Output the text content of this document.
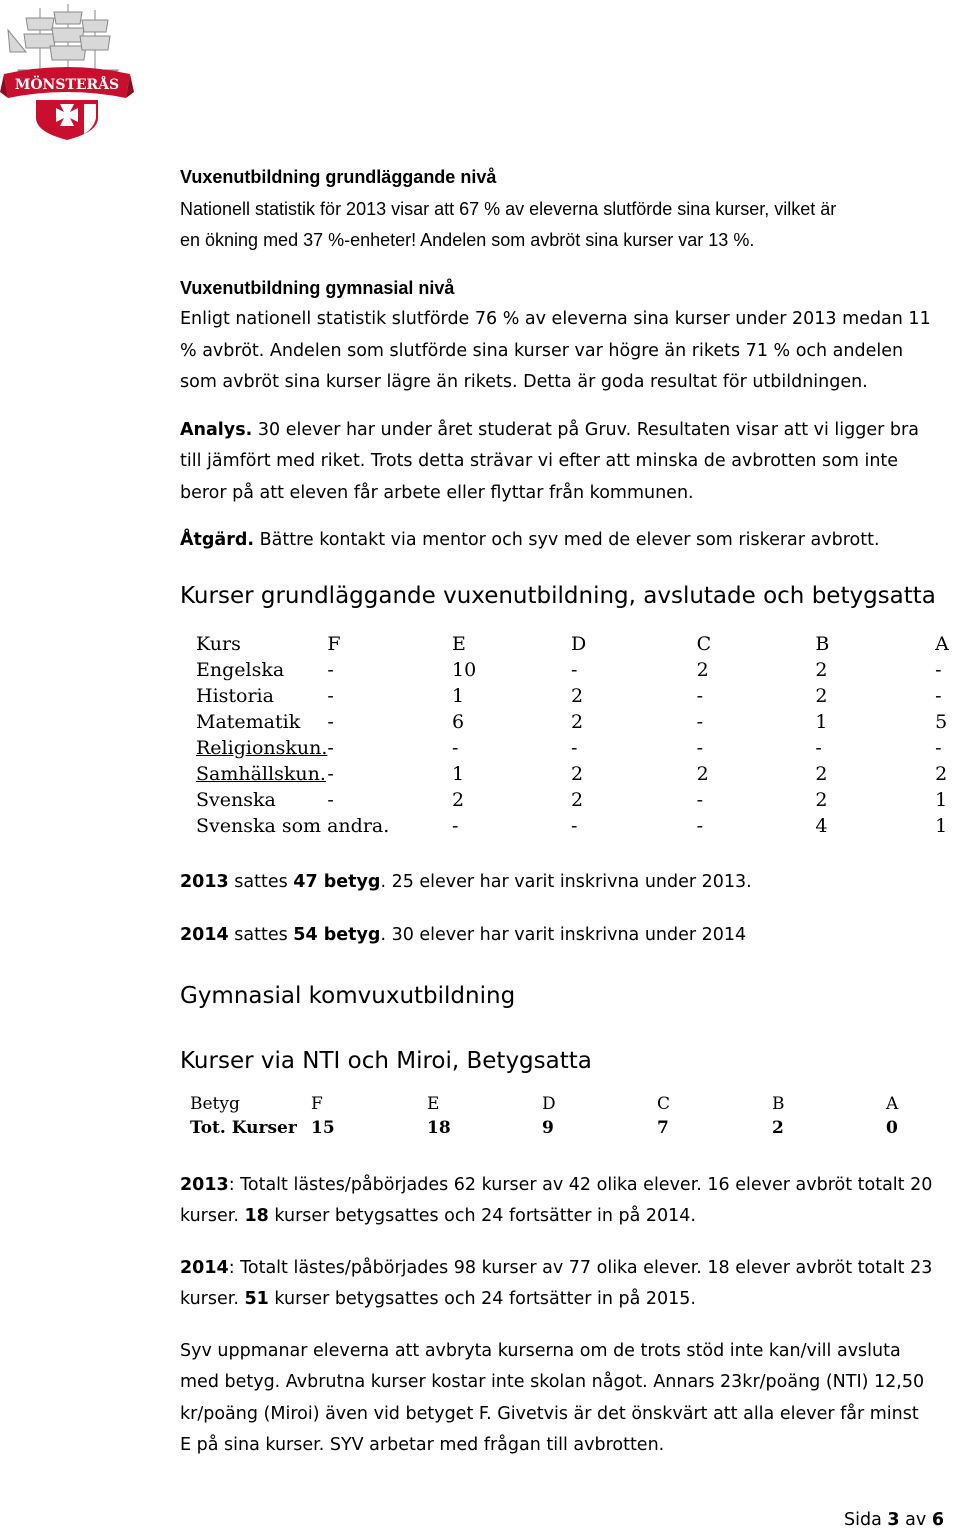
MÖNSTERÅS

Vuxenutbildning grundläggande nivå

Nationell statistik för 2013 visar att 67 % av eleverna slutförde sina kurser, vilket är

en ökning med 37 %-enheter! Andelen som avbröt sina kurser var 13 %.

Vuxenutbildning gymnasial nivå

Enligt nationell statistik slutförde 76 % av eleverna sina kurser under 2013 medan 11

% avbröt. Andelen som slutförde sina kurser var högre än rikets 71 % och andelen

som avbröt sina kurser lägre än rikets. Detta är goda resultat för utbildningen.

Analys. 30 elever har under året studerat på Gruv. Resultaten visar att vi ligger bra

till jämfört med riket. Trots detta strävar vi efter att minska de avbrotten som inte

beror på att eleven får arbete eller flyttar från kommunen.

Åtgärd. Bättre kontakt via mentor och syv med de elever som riskerar avbrott.

Kurser grundläggande vuxenutbildning, avslutade och betygsatta
Kurs	F	E	D	C	B	A
Engelska	-	10	-	2	2	-
Historia	-	1	2	-	2	-
Matematik	-	6	2	-	1	5
Religionskun.	-	-	-	-	-	-
Samhällskun.	-	1	2	2	2	2
Svenska	-	2	2	-	2	1
Svenska som andra.		-	-	-	4	1

2013 sattes 47 betyg. 25 elever har varit inskrivna under 2013.

2014 sattes 54 betyg. 30 elever har varit inskrivna under 2014

Gymnasial komvuxutbildning
Kurser via NTI och Miroi, Betygsatta
Betyg	F	E	D	C	B	A
Tot. Kurser	15	18	9	7	2	0

2013: Totalt lästes/påbörjades 62 kurser av 42 olika elever. 16 elever avbröt totalt 20

kurser. 18 kurser betygsattes och 24 fortsätter in på 2014.

2014: Totalt lästes/påbörjades 98 kurser av 77 olika elever. 18 elever avbröt totalt 23

kurser. 51 kurser betygsattes och 24 fortsätter in på 2015.

Syv uppmanar eleverna att avbryta kurserna om de trots stöd inte kan/vill avsluta

med betyg. Avbrutna kurser kostar inte skolan något. Annars 23kr/poäng (NTI) 12,50

kr/poäng (Miroi) även vid betyget F. Givetvis är det önskvärt att alla elever får minst

E på sina kurser. SYV arbetar med frågan till avbrotten.

Sida 3 av 6
